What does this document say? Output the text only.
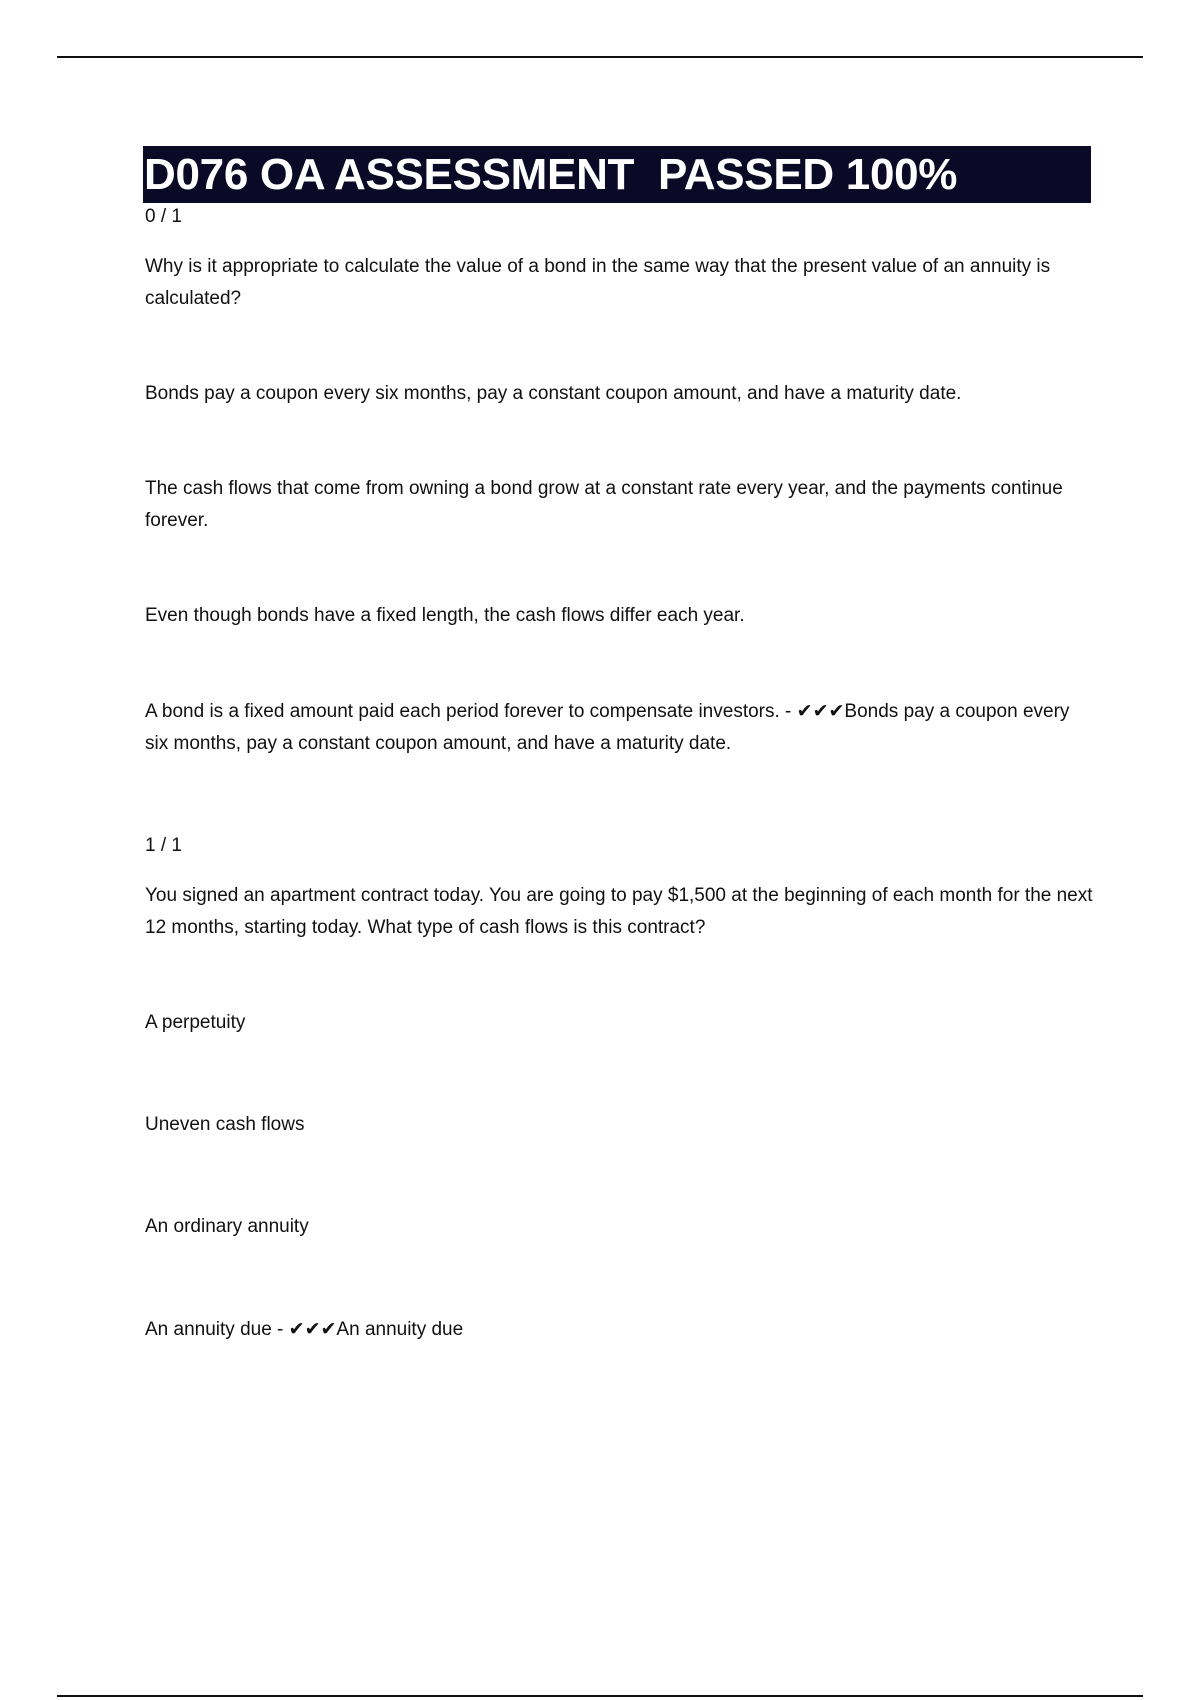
D076 OA ASSESSMENT  PASSED 100%
0 / 1
Why is it appropriate to calculate the value of a bond in the same way that the present value of an annuity is calculated?
Bonds pay a coupon every six months, pay a constant coupon amount, and have a maturity date.
The cash flows that come from owning a bond grow at a constant rate every year, and the payments continue forever.
Even though bonds have a fixed length, the cash flows differ each year.
A bond is a fixed amount paid each period forever to compensate investors. - ✔✔✔Bonds pay a coupon every six months, pay a constant coupon amount, and have a maturity date.
1 / 1
You signed an apartment contract today. You are going to pay $1,500 at the beginning of each month for the next 12 months, starting today. What type of cash flows is this contract?
A perpetuity
Uneven cash flows
An ordinary annuity
An annuity due - ✔✔✔An annuity due
